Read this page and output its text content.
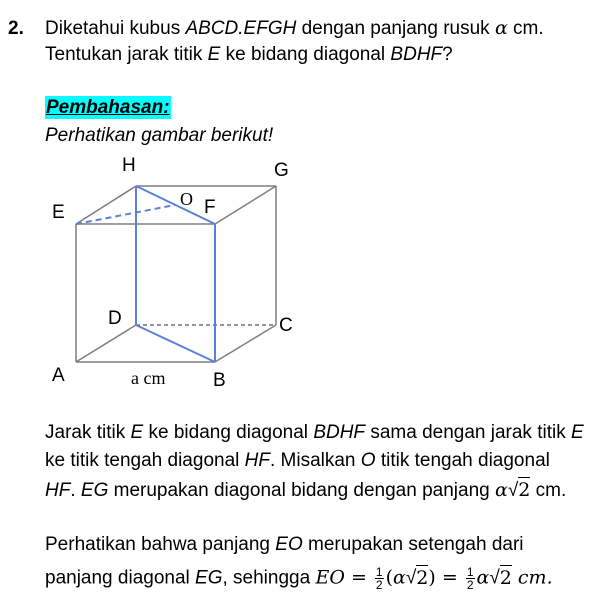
2. Diketahui kubus ABCD.EFGH dengan panjang rusuk α cm.
Tentukan jarak titik E ke bidang diagonal BDHF?
Pembahasan:
Perhatikan gambar berikut!
H	G
E	F
O
D	C
A	B
a cm
Jarak titik E ke bidang diagonal BDHF sama dengan jarak titik E
ke titik tengah diagonal HF. Misalkan O titik tengah diagonal
HF. EG merupakan diagonal bidang dengan panjang α√2 cm.
Perhatikan bahwa panjang EO merupakan setengah dari
panjang diagonal EG, sehingga EO = $\frac{1}{2} (\alpha√2) = \frac{1}{2} \alpha√2$ cm.
